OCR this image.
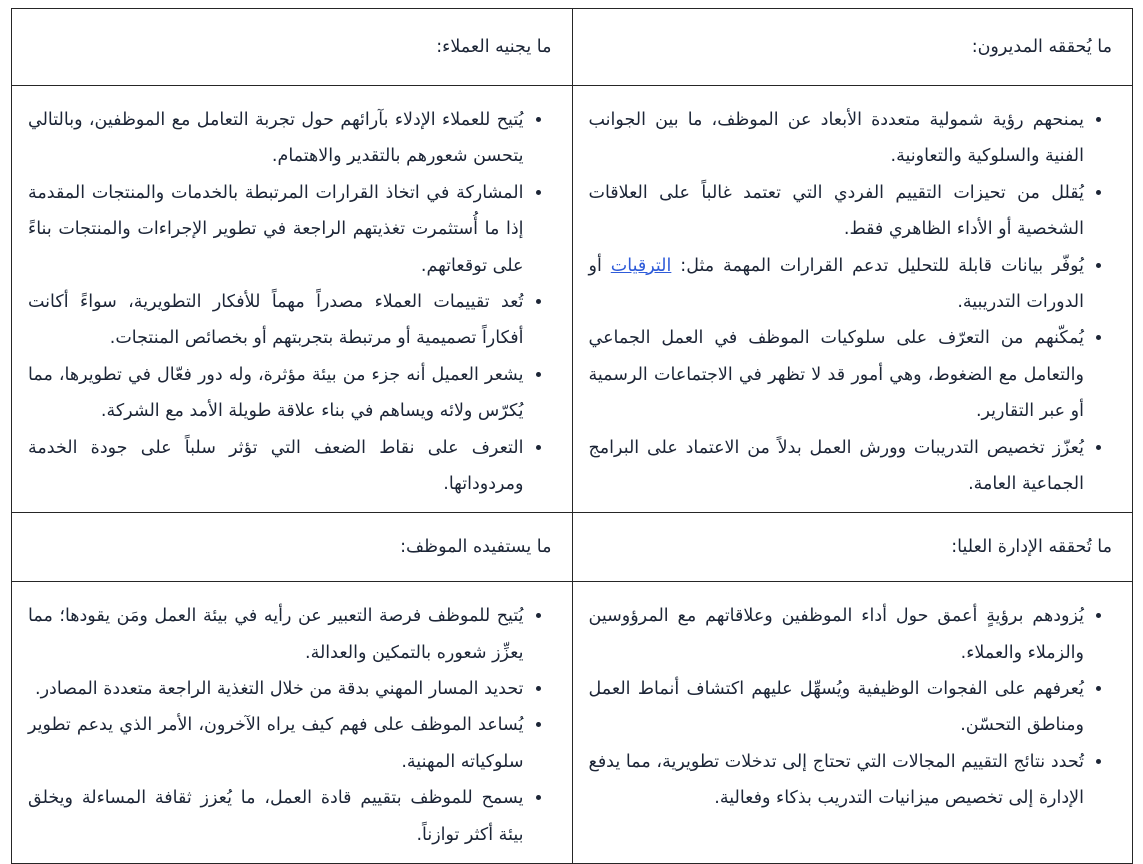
ما يُحققه المديرون:	ما يجنيه العملاء:

• يمنحهم رؤية شمولية متعددة الأبعاد عن الموظف، ما بين الجوانب الفنية والسلوكية والتعاونية.
• يُقلل من تحيزات التقييم الفردي التي تعتمد غالباً على العلاقات الشخصية أو الأداء الظاهري فقط.
• يُوفّر بيانات قابلة للتحليل تدعم القرارات المهمة مثل: الترقيات أو الدورات التدريبية.
• يُمكّنهم من التعرّف على سلوكيات الموظف في العمل الجماعي والتعامل مع الضغوط، وهي أمور قد لا تظهر في الاجتماعات الرسمية أو عبر التقارير.
• يُعزّز تخصيص التدريبات وورش العمل بدلاً من الاعتماد على البرامج الجماعية العامة.

• يُتيح للعملاء الإدلاء بآرائهم حول تجربة التعامل مع الموظفين، وبالتالي يتحسن شعورهم بالتقدير والاهتمام.
• المشاركة في اتخاذ القرارات المرتبطة بالخدمات والمنتجات المقدمة إذا ما أُستثمرت تغذيتهم الراجعة في تطوير الإجراءات والمنتجات بناءً على توقعاتهم.
• تُعد تقييمات العملاء مصدراً مهماً للأفكار التطويرية، سواءً أكانت أفكاراً تصميمية أو مرتبطة بتجربتهم أو بخصائص المنتجات.
• يشعر العميل أنه جزء من بيئة مؤثرة، وله دور فعّال في تطويرها، مما يُكرّس ولائه ويساهم في بناء علاقة طويلة الأمد مع الشركة.
• التعرف على نقاط الضعف التي تؤثر سلباً على جودة الخدمة ومردوداتها.

ما تُحققه الإدارة العليا:	ما يستفيده الموظف:

• يُزودهم برؤيةٍ أعمق حول أداء الموظفين وعلاقاتهم مع المرؤوسين والزملاء والعملاء.
• يُعرفهم على الفجوات الوظيفية ويُسهِّل عليهم اكتشاف أنماط العمل ومناطق التحسّن.
• تُحدد نتائج التقييم المجالات التي تحتاج إلى تدخلات تطويرية، مما يدفع الإدارة إلى تخصيص ميزانيات التدريب بذكاء وفعالية.

• يُتيح للموظف فرصة التعبير عن رأيه في بيئة العمل ومَن يقودها؛ مما يعزِّز شعوره بالتمكين والعدالة.
• تحديد المسار المهني بدقة من خلال التغذية الراجعة متعددة المصادر.
• يُساعد الموظف على فهم كيف يراه الآخرون، الأمر الذي يدعم تطوير سلوكياته المهنية.
• يسمح للموظف بتقييم قادة العمل، ما يُعزز ثقافة المساءلة ويخلق بيئة أكثر توازناً.
